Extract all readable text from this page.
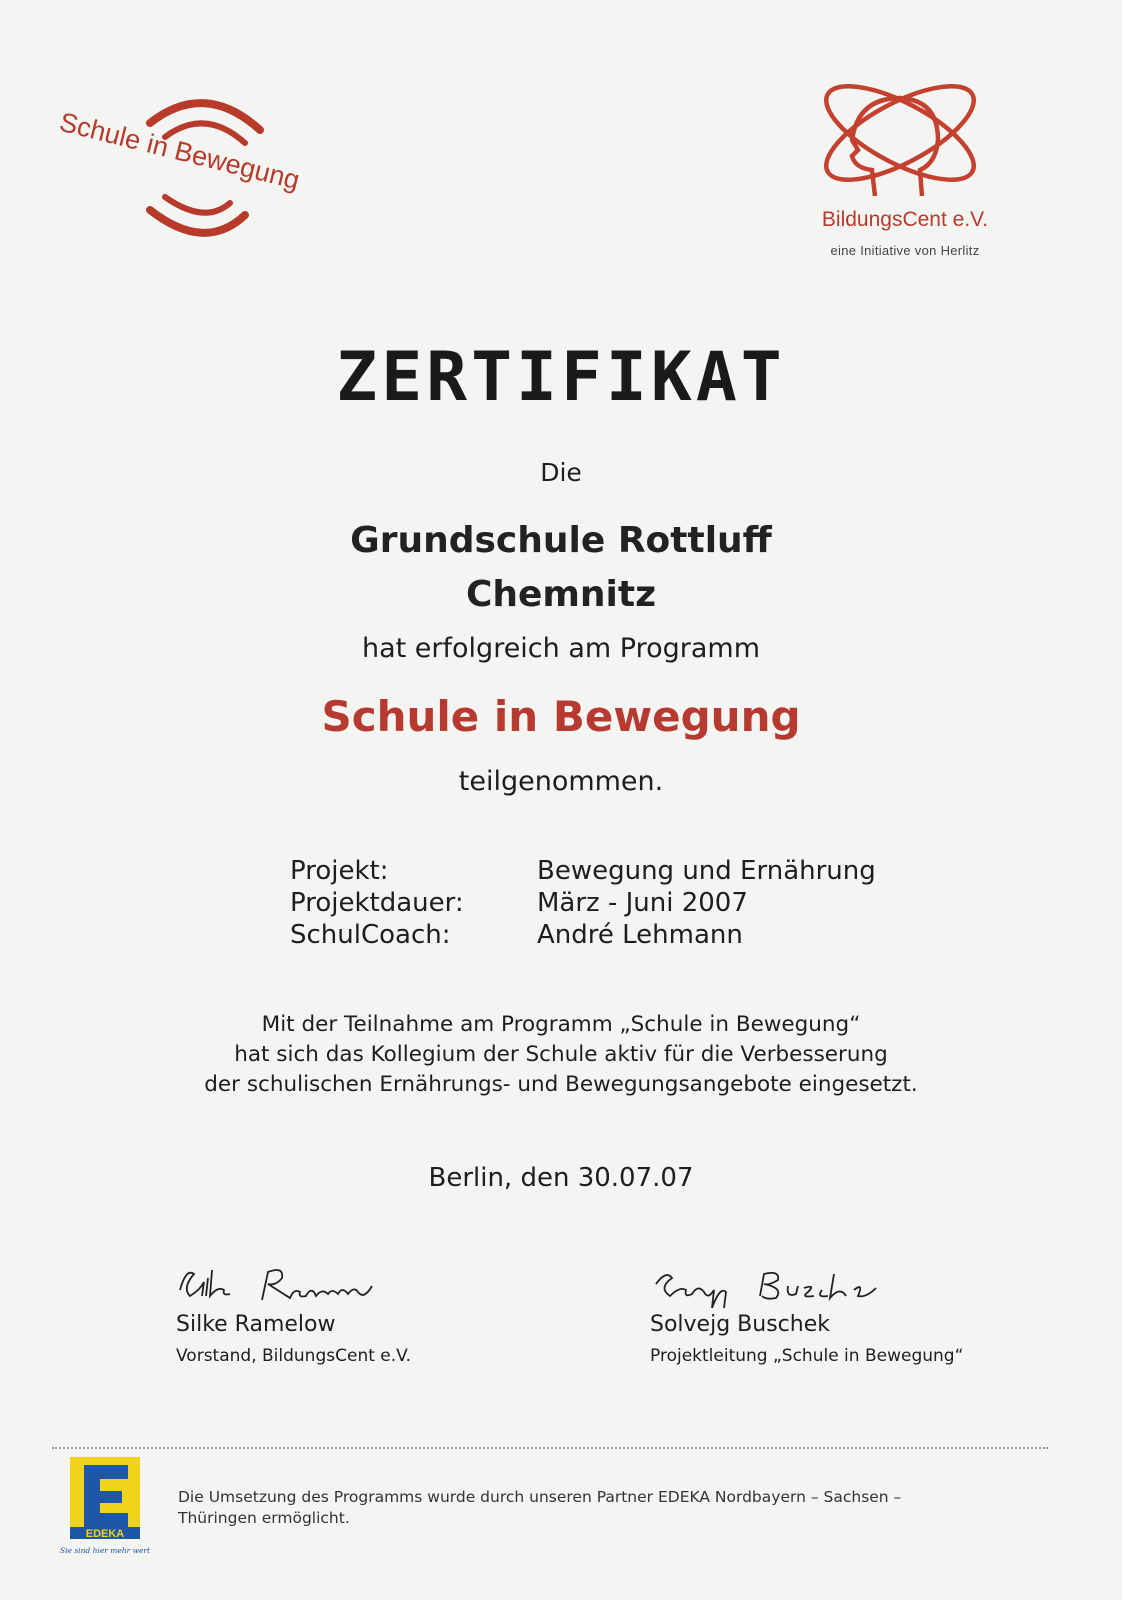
Schule in Bewegung
BildungsCent e.V.
eine Initiative von Herlitz
ZERTIFIKAT
Die
Grundschule Rottluff
Chemnitz
hat erfolgreich am Programm
Schule in Bewegung
teilgenommen.
Projekt:	Bewegung und Ernährung
Projektdauer:	März - Juni 2007
SchulCoach:	André Lehmann
Mit der Teilnahme am Programm „Schule in Bewegung“
hat sich das Kollegium der Schule aktiv für die Verbesserung
der schulischen Ernährungs- und Bewegungsangebote eingesetzt.
Berlin, den 30.07.07
Silke Ramelow
Vorstand, BildungsCent e.V.
Solvejg Buschek
Projektleitung „Schule in Bewegung“
EDEKA
Sie sind hier mehr wert
Die Umsetzung des Programms wurde durch unseren Partner EDEKA Nordbayern – Sachsen –
Thüringen ermöglicht.
